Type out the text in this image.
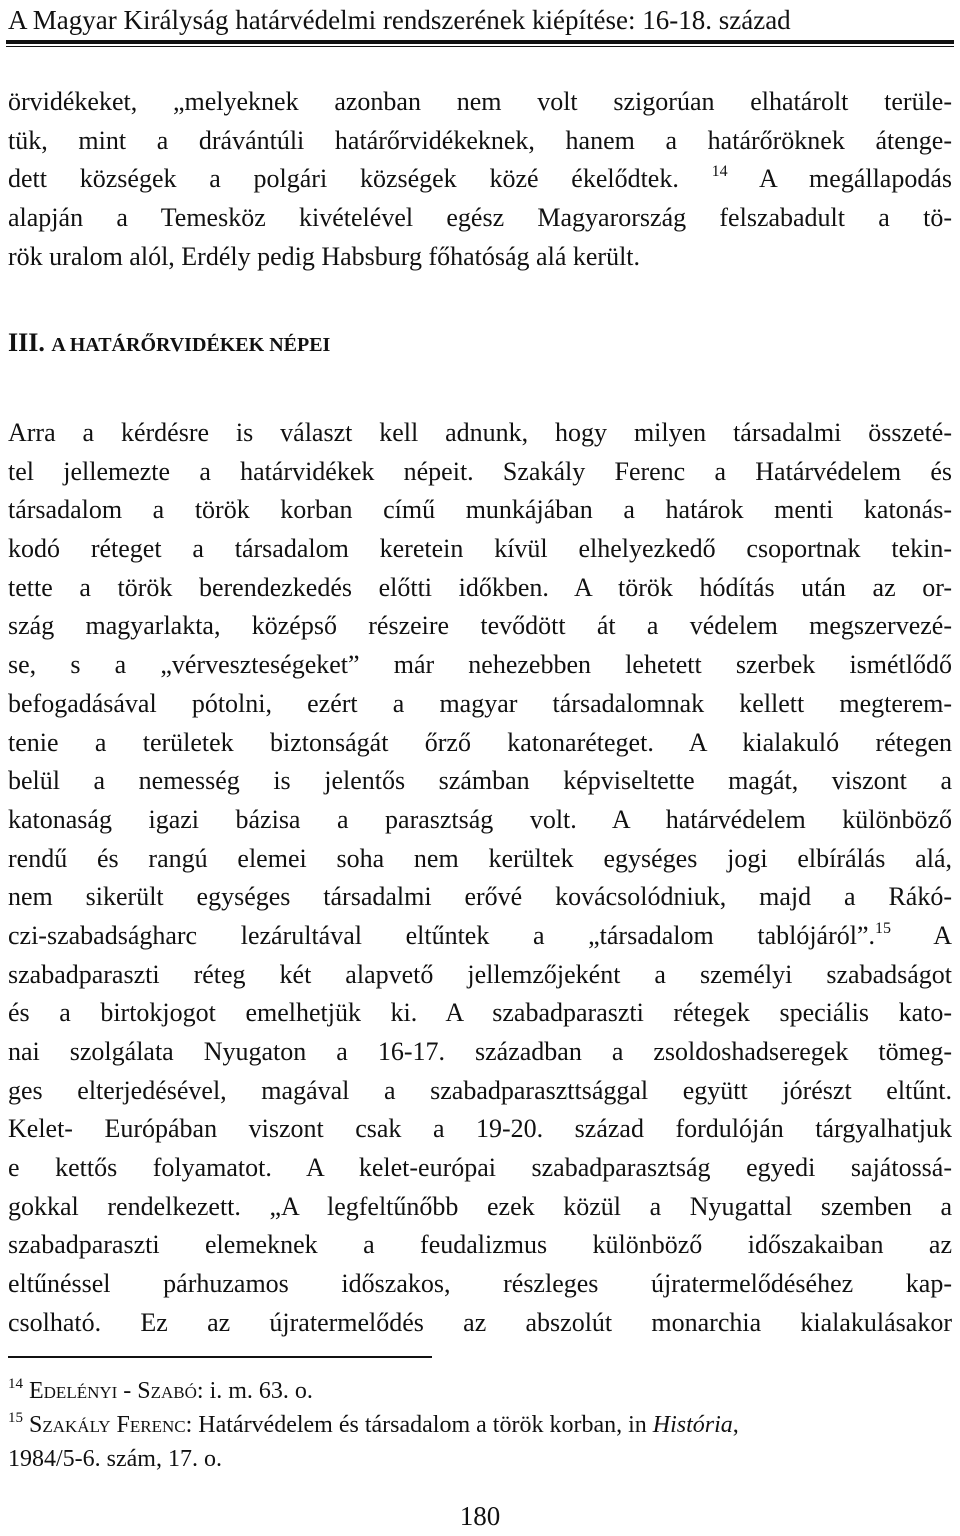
A Magyar Királyság határvédelmi rendszerének kiépítése: 16-18. század
örvidékeket, „melyeknek azonban nem volt szigorúan elhatárolt terüle-
tük, mint a drávántúli határőrvidékeknek, hanem a határőröknek átenge-
dett községek a polgári községek közé ékelődtek. $^{14}$ A megállapodás
alapján a Temesköz kivételével egész Magyarország felszabadult a tö-
rök uralom alól, Erdély pedig Habsburg főhatóság alá került.
III. A HATÁRŐRVIDÉKEK NÉPEI
Arra a kérdésre is választ kell adnunk, hogy milyen társadalmi összeté-
tel jellemezte a határvidékek népeit. Szakály Ferenc a Határvédelem és
társadalom a török korban című munkájában a határok menti katonás-
kodó réteget a társadalom keretein kívül elhelyezkedő csoportnak tekin-
tette a török berendezkedés előtti időkben. A török hódítás után az or-
szág magyarlakta, középső részeire tevődött át a védelem megszervezé-
se, s a „vérveszteségeket” már nehezebben lehetett szerbek ismétlődő
befogadásával pótolni, ezért a magyar társadalomnak kellett megterem-
tenie a területek biztonságát őrző katonaréteget. A kialakuló rétegen
belül a nemesség is jelentős számban képviseltette magát, viszont a
katonaság igazi bázisa a parasztság volt. A határvédelem különböző
rendű és rangú elemei soha nem kerültek egységes jogi elbírálás alá,
nem sikerült egységes társadalmi erővé kovácsolódniuk, majd a Rákó-
czi-szabadságharc lezárultával eltűntek a „társadalom tablójáról”.$^{15}$ A
szabadparaszti réteg két alapvető jellemzőjeként a személyi szabadságot
és a birtokjogot emelhetjük ki. A szabadparaszti rétegek speciális kato-
nai szolgálata Nyugaton a 16-17. században a zsoldoshadseregek tömeg-
ges elterjedésével, magával a szabadparaszttsággal együtt jórészt eltűnt.
Kelet- Európában viszont csak a 19-20. század fordulóján tárgyalhatjuk
e kettős folyamatot. A kelet-európai szabadparasztság egyedi sajátossá-
gokkal rendelkezett. „A legfeltűnőbb ezek közül a Nyugattal szemben a
szabadparaszti elemeknek a feudalizmus különböző időszakaiban az
eltűnéssel párhuzamos időszakos, részleges újratermelődéséhez kap-
csolható. Ez az újratermelődés az abszolút monarchia kialakulásakor
$^{14}$ Edelényi - Szabó: i. m. 63. o.
$^{15}$ Szakály Ferenc: Határvédelem és társadalom a török korban, in História,
1984/5-6. szám, 17. o.
180
